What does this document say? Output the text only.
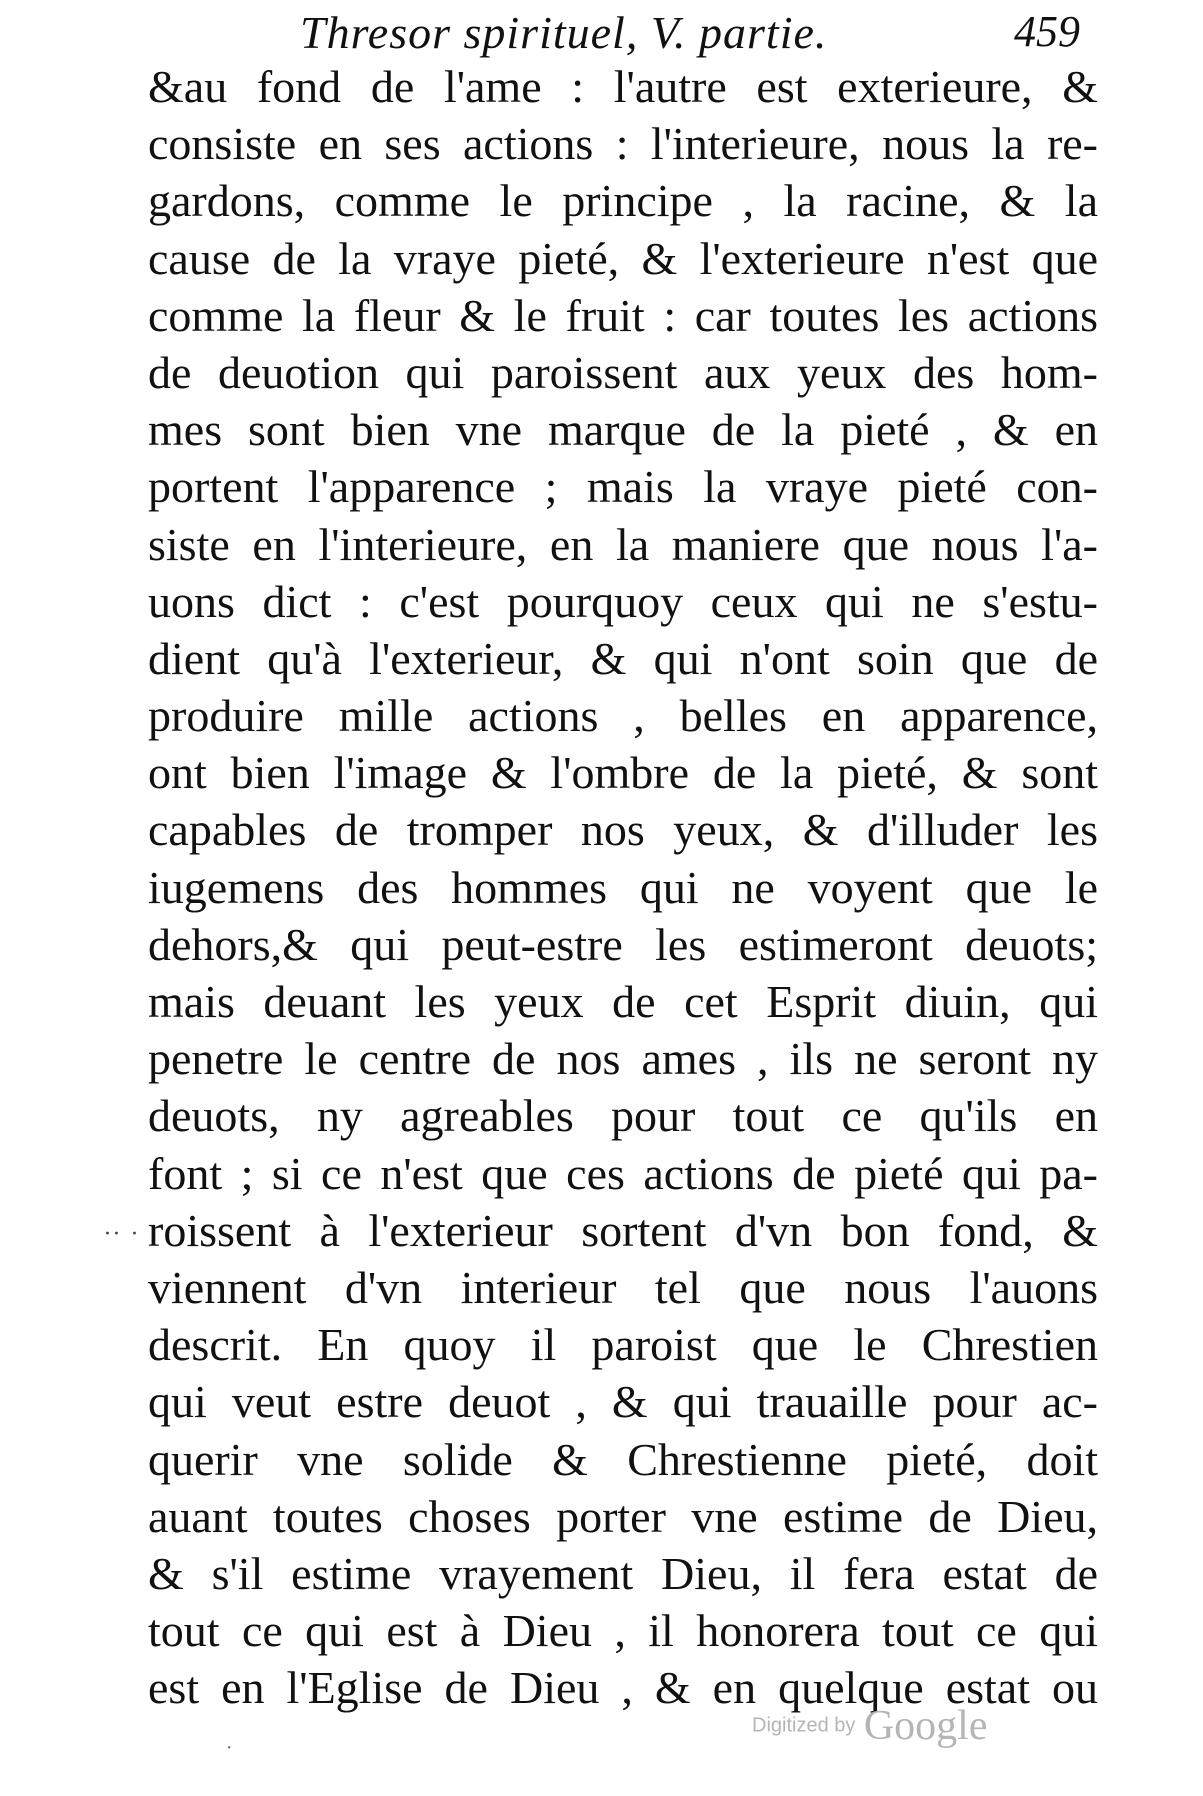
Thresor spirituel, V. partie.	459
&au fond de l'ame : l'autre est exterieure, &
consiste en ses actions : l'interieure, nous la re-
gardons, comme le principe , la racine, & la
cause de la vraye pieté, & l'exterieure n'est que
comme la fleur & le fruit : car toutes les actions
de deuotion qui paroissent aux yeux des hom-
mes sont bien vne marque de la pieté , & en
portent l'apparence ; mais la vraye pieté con-
siste en l'interieure, en la maniere que nous l'a-
uons dict : c'est pourquoy ceux qui ne s'estu-
dient qu'à l'exterieur, & qui n'ont soin que de
produire mille actions , belles en apparence,
ont bien l'image & l'ombre de la pieté, & sont
capables de tromper nos yeux, & d'illuder les
iugemens des hommes qui ne voyent que le
dehors,& qui peut-estre les estimeront deuots;
mais deuant les yeux de cet Esprit diuin, qui
penetre le centre de nos ames , ils ne seront ny
deuots, ny agreables pour tout ce qu'ils en
font ; si ce n'est que ces actions de pieté qui pa-
roissent à l'exterieur sortent d'vn bon fond, &
viennent d'vn interieur tel que nous l'auons
descrit. En quoy il paroist que le Chrestien
qui veut estre deuot , & qui trauaille pour ac-
querir vne solide & Chrestienne pieté, doit
auant toutes choses porter vne estime de Dieu,
& s'il estime vrayement Dieu, il fera estat de
tout ce qui est à Dieu , il honorera tout ce qui
est en l'Eglise de Dieu , & en quelque estat ou
·· ·
·
Digitized by Google
